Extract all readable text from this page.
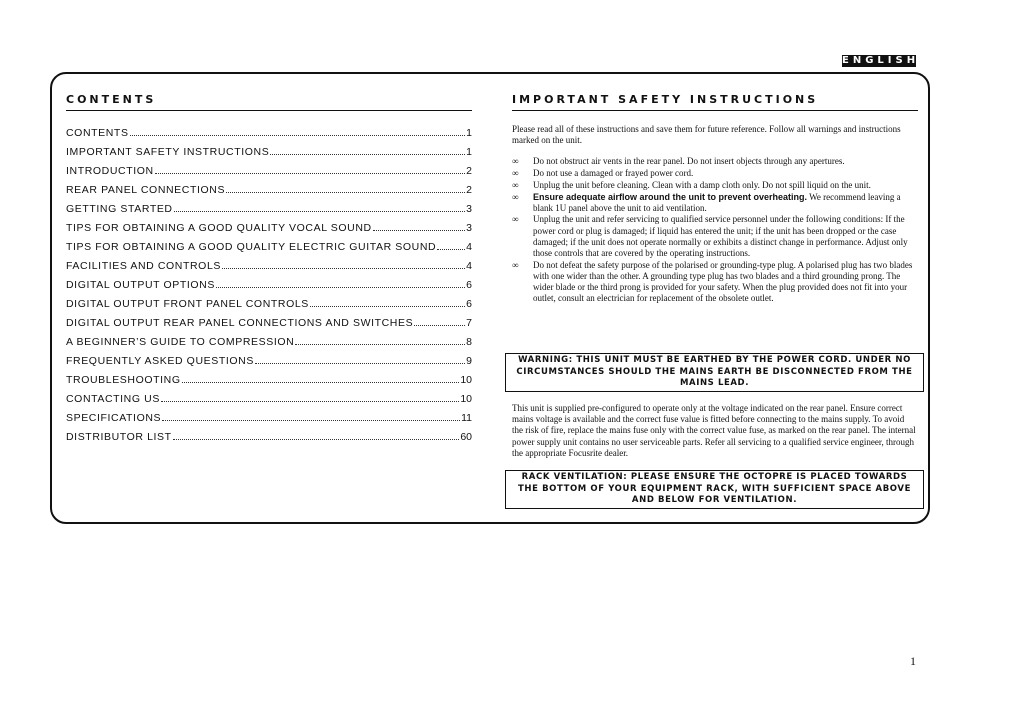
ENGLISH
CONTENTS
CONTENTS	1
IMPORTANT SAFETY INSTRUCTIONS	1
INTRODUCTION	2
REAR PANEL CONNECTIONS	2
GETTING STARTED	3
TIPS FOR OBTAINING A GOOD QUALITY VOCAL SOUND	3
TIPS FOR OBTAINING A GOOD QUALITY ELECTRIC GUITAR SOUND	4
FACILITIES AND CONTROLS	4
DIGITAL OUTPUT OPTIONS	6
DIGITAL OUTPUT FRONT PANEL CONTROLS	6
DIGITAL OUTPUT REAR PANEL CONNECTIONS AND SWITCHES	7
A BEGINNER’S GUIDE TO COMPRESSION	8
FREQUENTLY ASKED QUESTIONS	9
TROUBLESHOOTING	10
CONTACTING US	10
SPECIFICATIONS	11
DISTRIBUTOR LIST	60
IMPORTANT SAFETY INSTRUCTIONS

Please read all of these instructions and save them for future reference. Follow all warnings and instructions marked on the unit.

∞ Do not obstruct air vents in the rear panel. Do not insert objects through any apertures.
∞ Do not use a damaged or frayed power cord.
∞ Unplug the unit before cleaning. Clean with a damp cloth only. Do not spill liquid on the unit.
∞ Ensure adequate airflow around the unit to prevent overheating. We recommend leaving a blank 1U panel above the unit to aid ventilation.
∞ Unplug the unit and refer servicing to qualified service personnel under the following conditions: If the power cord or plug is damaged; if liquid has entered the unit; if the unit has been dropped or the case damaged; if the unit does not operate normally or exhibits a distinct change in performance. Adjust only those controls that are covered by the operating instructions.
∞ Do not defeat the safety purpose of the polarised or grounding-type plug. A polarised plug has two blades with one wider than the other. A grounding type plug has two blades and a third grounding prong. The wider blade or the third prong is provided for your safety. When the plug provided does not fit into your outlet, consult an electrician for replacement of the obsolete outlet.
WARNING: THIS UNIT MUST BE EARTHED BY THE POWER CORD. UNDER NO CIRCUMSTANCES SHOULD THE MAINS EARTH BE DISCONNECTED FROM THE MAINS LEAD.

This unit is supplied pre-configured to operate only at the voltage indicated on the rear panel. Ensure correct mains voltage is available and the correct fuse value is fitted before connecting to the mains supply. To avoid the risk of fire, replace the mains fuse only with the correct value fuse, as marked on the rear panel. The internal power supply unit contains no user serviceable parts. Refer all servicing to a qualified service engineer, through the appropriate Focusrite dealer.

RACK VENTILATION: PLEASE ENSURE THE OCTOPRE IS PLACED TOWARDS THE BOTTOM OF YOUR EQUIPMENT RACK, WITH SUFFICIENT SPACE ABOVE AND BELOW FOR VENTILATION.
1
